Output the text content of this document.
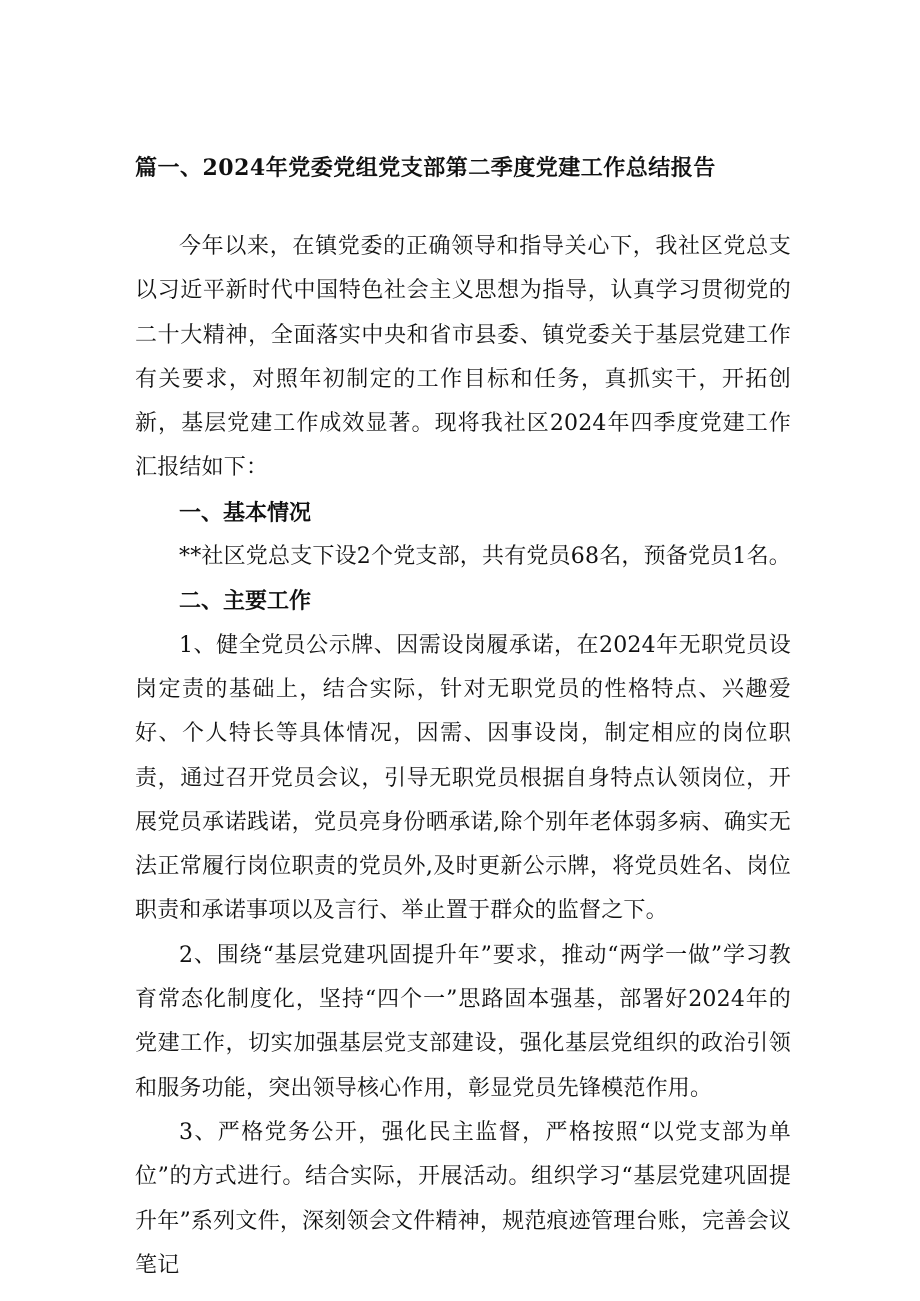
篇一、2024年党委党组党支部第二季度党建工作总结报告

今年以来，在镇党委的正确领导和指导关心下，我社区党总支以习近平新时代中国特色社会主义思想为指导，认真学习贯彻党的二十大精神，全面落实中央和省市县委、镇党委关于基层党建工作有关要求，对照年初制定的工作目标和任务，真抓实干，开拓创新，基层党建工作成效显著。现将我社区2024年四季度党建工作汇报结如下：

一、基本情况

**社区党总支下设2个党支部，共有党员68名，预备党员1名。

二、主要工作

1、健全党员公示牌、因需设岗履承诺，在2024年无职党员设岗定责的基础上，结合实际，针对无职党员的性格特点、兴趣爱好、个人特长等具体情况，因需、因事设岗，制定相应的岗位职责，通过召开党员会议，引导无职党员根据自身特点认领岗位，开展党员承诺践诺，党员亮身份晒承诺,除个别年老体弱多病、确实无法正常履行岗位职责的党员外,及时更新公示牌，将党员姓名、岗位职责和承诺事项以及言行、举止置于群众的监督之下。

2、围绕“基层党建巩固提升年”要求，推动“两学一做”学习教育常态化制度化，坚持“四个一”思路固本强基，部署好2024年的党建工作，切实加强基层党支部建设，强化基层党组织的政治引领和服务功能，突出领导核心作用，彰显党员先锋模范作用。

3、严格党务公开，强化民主监督，严格按照“以党支部为单位”的方式进行。结合实际，开展活动。组织学习“基层党建巩固提升年”系列文件，深刻领会文件精神，规范痕迹管理台账，完善会议笔记
